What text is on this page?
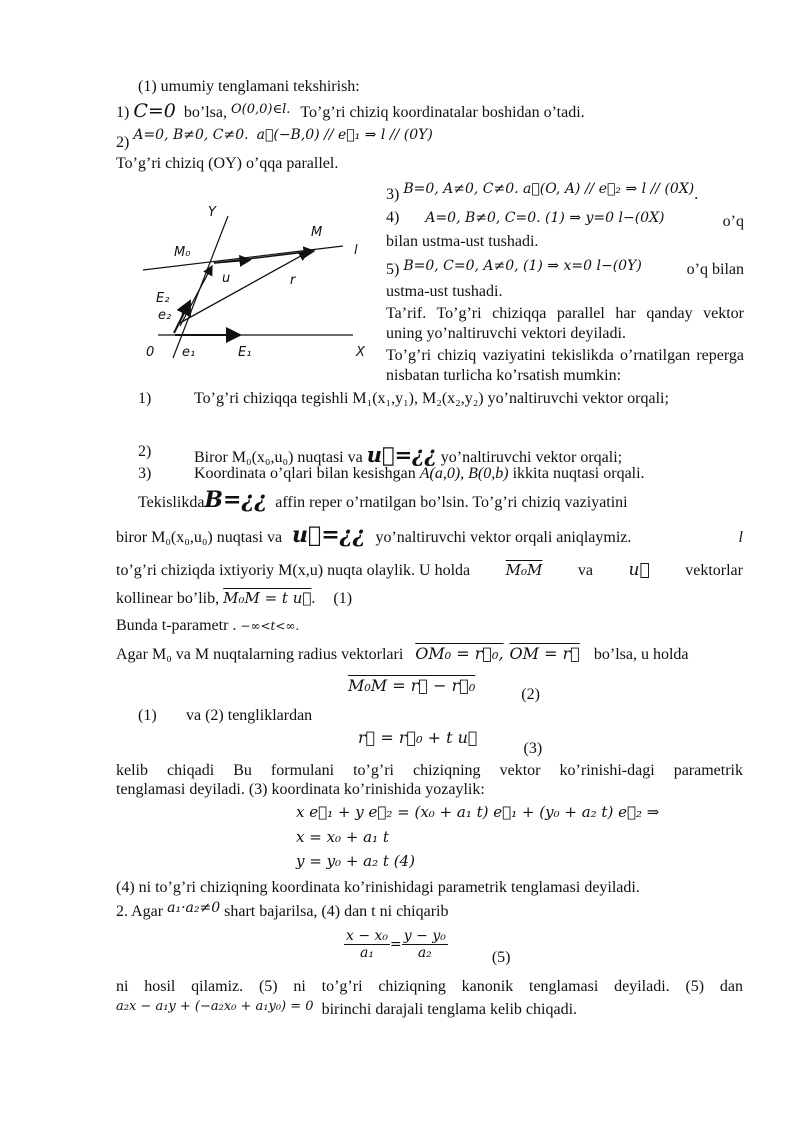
(1) umumiy tenglamani tekshirish:
1) C=0 bo’lsa, $^{O(0,0)\in l.}$ To’g’ri chiziq koordinatalar boshidan o’tadi.
2) A=0, B≠0, C≠0. a⃗(−B,0) // e⃗₁ ⇒ l // (0Y)
To’g’ri chiziq (OY) o’qqa parallel.
Y
M₀
M
l
u	r
E₂
e₂ r₀
0 e₁	E₁	X
3) B=0, A≠0, C≠0. a⃗(O, A) // e⃗₂ ⇒ l // (0X).
4) A=0, B≠0, C=0. (1) ⇒ y=0 l−(0X)	o’q
bilan ustma-ust tushadi.
5) B=0, C=0, A≠0, (1) ⇒ x=0 l−(0Y)	o’q bilan
ustma-ust tushadi.
Ta’rif. To’g’ri chiziqqa parallel har qanday vektor uning yo’naltiruvchi vektori deyiladi.
To’g’ri chiziq vaziyatini tekislikda o’rnatilgan reperga nisbatan turlicha ko’rsatish mumkin:
1)	To’g’ri chiziqqa tegishli M₁(x₁,y₁), M₂(x₂,y₂) yo’naltiruvchi vektor orqali;
2)	Biror M₀(x₀,u₀) nuqtasi va u⃗=¿¿ yo’naltiruvchi vektor orqali;
3)	Koordinata o’qlari bilan kesishgan A(a,0), B(0,b) ikkita nuqtasi orqali.
Tekislikda B=¿¿ affin reper o’rnatilgan bo’lsin. To’g’ri chiziq vaziyatini
biror M₀(x₀,u₀) nuqtasi va u⃗=¿¿ yo’naltiruvchi vektor orqali aniqlaymiz.	l
to’g’ri chiziqda ixtiyoriy M(x,u) nuqta olaylik. U holda M₀M va u⃗ vektorlar
kollinear bo’lib, M₀M = t u⃗. (1)
Bunda t-parametr . −∞<t<∞.
Agar M₀ va M nuqtalarning radius vektorlari OM₀ = r⃗₀, OM = r⃗ bo’lsa, u holda
M₀M = r⃗ − r⃗₀	(2)
(1) va (2) tengliklardan
r⃗ = r⃗₀ + t u⃗ (3)
kelib chiqadi Bu formulani to’g’ri chiziqning vektor ko’rinishi-dagi parametrik
tenglamasi deyiladi. (3) koordinata ko’rinishida yozaylik:
x e⃗₁ + y e⃗₂ = (x₀ + a₁ t) e⃗₁ + (y₀ + a₂ t) e⃗₂ ⇒
x = x₀ + a₁ t
y = y₀ + a₂ t (4)
(4) ni to’g’ri chiziqning koordinata ko’rinishidagi parametrik tenglamasi deyiladi.
2. Agar a₁·a₂≠0 shart bajarilsa, (4) dan t ni chiqarib
$\frac{\text{x − x₀}}{\text{a₁}} = \frac{\text{y − y₀}}{\text{a₂}}$	(5)
ni hosil qilamiz. (5) ni to’g’ri chiziqning kanonik tenglamasi deyiladi. (5) dan
$^{a_2x - a_1y + (-a_2x_0 + a_1y_0) = 0}$ birinchi darajali tenglama kelib chiqadi.
